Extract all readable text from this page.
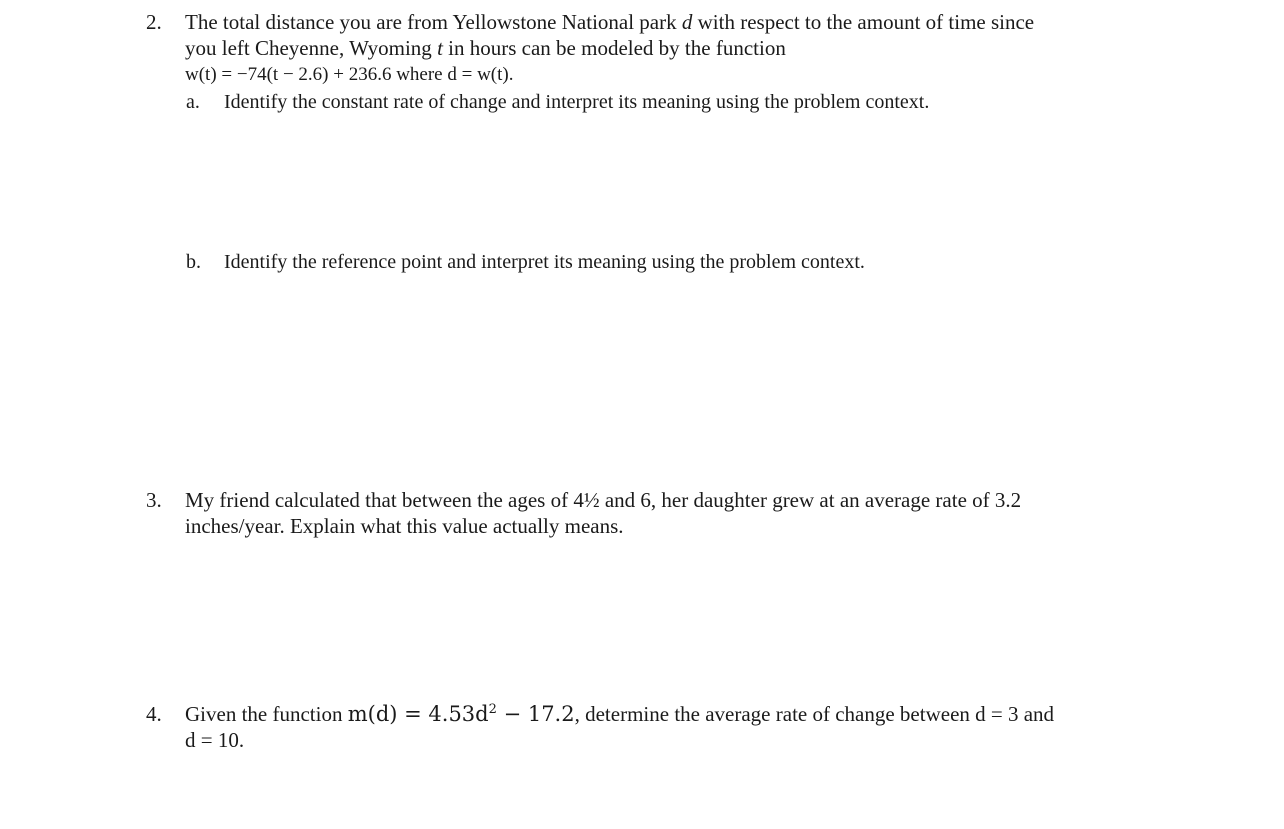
2. The total distance you are from Yellowstone National park d with respect to the amount of time since
you left Cheyenne, Wyoming t in hours can be modeled by the function
w(t) = −74(t − 2.6) + 236.6 where d = w(t).
a. Identify the constant rate of change and interpret its meaning using the problem context.
b. Identify the reference point and interpret its meaning using the problem context.
3. My friend calculated that between the ages of 4½ and 6, her daughter grew at an average rate of 3.2
inches/year. Explain what this value actually means.
4. Given the function $m(d) = 4.53d^2 - 17.2$, determine the average rate of change between d = 3 and
d = 10.
